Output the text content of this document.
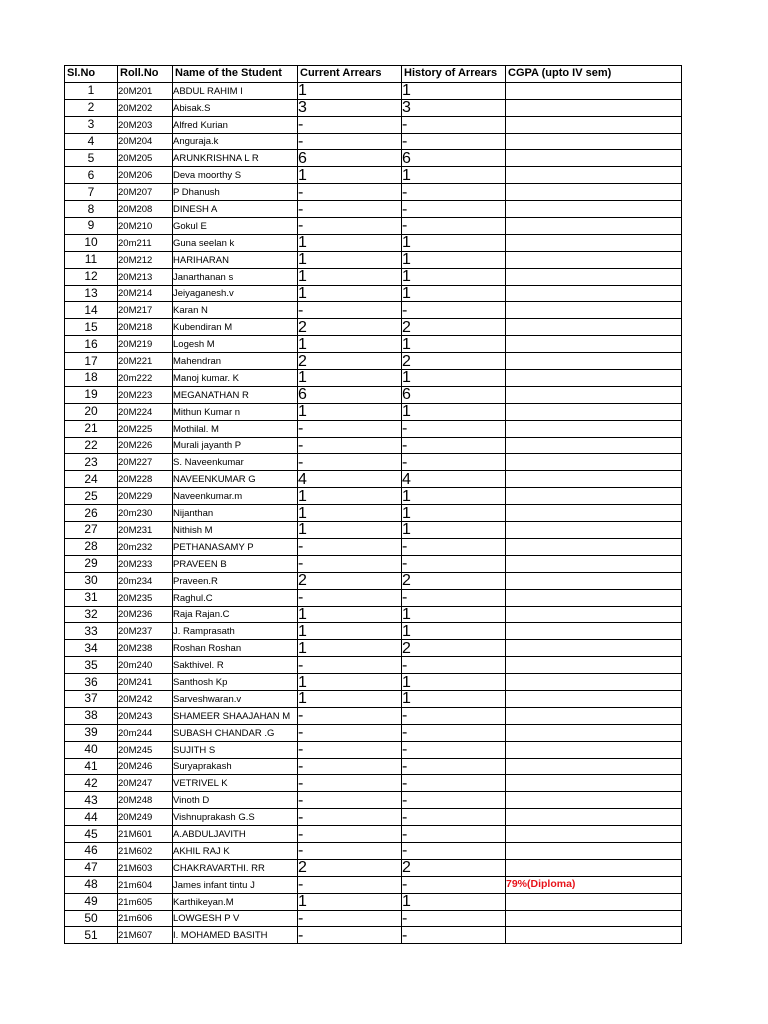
Sl.No	Roll.No	Name of the Student	Current Arrears	History of Arrears	CGPA (upto IV sem)
1	20M201	ABDUL RAHIM I	1	1	
2	20M202	Abisak.S	3	3	
3	20M203	Alfred Kurian	-	-	
4	20M204	Anguraja.k	-	-	
5	20M205	ARUNKRISHNA L R	6	6	
6	20M206	Deva moorthy S	1	1	
7	20M207	P Dhanush	-	-	
8	20M208	DINESH A	-	-	
9	20M210	Gokul E	-	-	
10	20m211	Guna seelan k	1	1	
11	20M212	HARIHARAN	1	1	
12	20M213	Janarthanan s	1	1	
13	20M214	Jeiyaganesh.v	1	1	
14	20M217	Karan N	-	-	
15	20M218	Kubendiran M	2	2	
16	20M219	Logesh M	1	1	
17	20M221	Mahendran	2	2	
18	20m222	Manoj kumar. K	1	1	
19	20M223	MEGANATHAN R	6	6	
20	20M224	Mithun Kumar n	1	1	
21	20M225	Mothilal. M	-	-	
22	20M226	Murali jayanth P	-	-	
23	20M227	S. Naveenkumar	-	-	
24	20M228	NAVEENKUMAR G	4	4	
25	20M229	Naveenkumar.m	1	1	
26	20m230	Nijanthan	1	1	
27	20M231	Nithish M	1	1	
28	20m232	PETHANASAMY P	-	-	
29	20M233	PRAVEEN B	-	-	
30	20m234	Praveen.R	2	2	
31	20M235	Raghul.C	-	-	
32	20M236	Raja Rajan.C	1	1	
33	20M237	J. Ramprasath	1	1	
34	20M238	Roshan Roshan	1	2	
35	20m240	Sakthivel. R	-	-	
36	20M241	Santhosh Kp	1	1	
37	20M242	Sarveshwaran.v	1	1	
38	20M243	SHAMEER SHAAJAHAN M	-	-	
39	20m244	SUBASH CHANDAR .G	-	-	
40	20M245	SUJITH S	-	-	
41	20M246	Suryaprakash	-	-	
42	20M247	VETRIVEL K	-	-	
43	20M248	Vinoth D	-	-	
44	20M249	Vishnuprakash G.S	-	-	
45	21M601	A.ABDULJAVITH	-	-	
46	21M602	AKHIL RAJ K	-	-	
47	21M603	CHAKRAVARTHI. RR	2	2	
48	21m604	James infant tintu J	-	-	79%(Diploma)
49	21m605	Karthikeyan.M	1	1	
50	21m606	LOWGESH P V	-	-	
51	21M607	I. MOHAMED BASITH	-	-	
